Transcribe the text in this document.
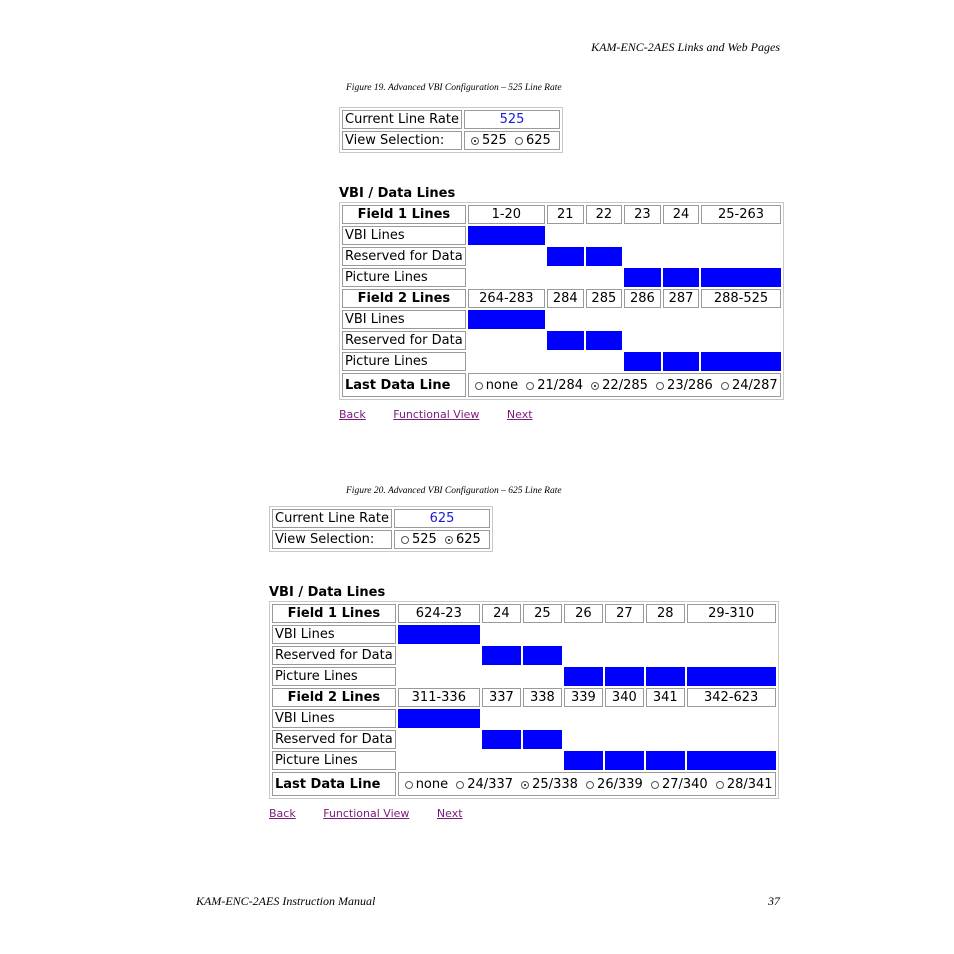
KAM-ENC-2AES Links and Web Pages
Figure 19. Advanced VBI Configuration – 525 Line Rate
Current Line Rate	525
View Selection:	525 625
VBI / Data Lines
Field 1 Lines	1-20	21	22	23	24	25-263
VBI Lines						
Reserved for Data						
Picture Lines						
Field 2 Lines	264-283	284	285	286	287	288-525
VBI Lines						
Reserved for Data						
Picture Lines						
Last Data Line	none 21/284 22/285 23/286 24/287					
Back	Functional View	Next
Figure 20. Advanced VBI Configuration – 625 Line Rate
Current Line Rate	625
View Selection:	525 625
VBI / Data Lines
Field 1 Lines	624-23	24	25	26	27	28	29-310
VBI Lines							
Reserved for Data							
Picture Lines							
Field 2 Lines	311-336	337	338	339	340	341	342-623
VBI Lines							
Reserved for Data							
Picture Lines							
Last Data Line	none 24/337 25/338 26/339 27/340 28/341						
Back	Functional View	Next
KAM-ENC-2AES Instruction Manual	37
